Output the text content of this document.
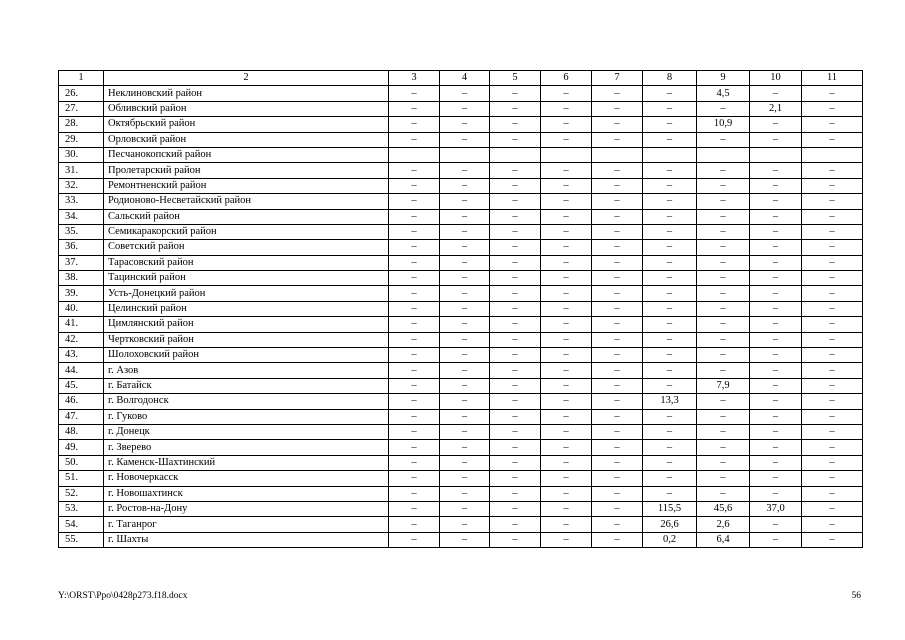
1	2	3	4	5	6	7	8	9	10	11
26.	Неклиновский район	–	–	–	–	–	–	4,5	–	–
27.	Обливский район	–	–	–	–	–	–	–	2,1	–
28.	Октябрьский район	–	–	–	–	–	–	10,9	–	–
29.	Орловский район	–	–	–	–	–	–	–	–	–
30.	Песчанокопский район									
31.	Пролетарский район	–	–	–	–	–	–	–	–	–
32.	Ремонтненский район	–	–	–	–	–	–	–	–	–
33.	Родионово-Несветайский район	–	–	–	–	–	–	–	–	–
34.	Сальский район	–	–	–	–	–	–	–	–	–
35.	Семикаракорский район	–	–	–	–	–	–	–	–	–
36.	Советский район	–	–	–	–	–	–	–	–	–
37.	Тарасовский район	–	–	–	–	–	–	–	–	–
38.	Тацинский район	–	–	–	–	–	–	–	–	–
39.	Усть-Донецкий район	–	–	–	–	–	–	–	–	–
40.	Целинский район	–	–	–	–	–	–	–	–	–
41.	Цимлянский район	–	–	–	–	–	–	–	–	–
42.	Чертковский район	–	–	–	–	–	–	–	–	–
43.	Шолоховский район	–	–	–	–	–	–	–	–	–
44.	г. Азов	–	–	–	–	–	–	–	–	–
45.	г. Батайск	–	–	–	–	–	–	7,9	–	–
46.	г. Волгодонск	–	–	–	–	–	13,3	–	–	–
47.	г. Гуково	–	–	–	–	–	–	–	–	–
48.	г. Донецк	–	–	–	–	–	–	–	–	–
49.	г. Зверево	–	–	–	–	–	–	–	–	–
50.	г. Каменск-Шахтинский	–	–	–	–	–	–	–	–	–
51.	г. Новочеркасск	–	–	–	–	–	–	–	–	–
52.	г. Новошахтинск	–	–	–	–	–	–	–	–	–
53.	г. Ростов-на-Дону	–	–	–	–	–	115,5	45,6	37,0	–
54.	г. Таганрог	–	–	–	–	–	26,6	2,6	–	–
55.	г. Шахты	–	–	–	–	–	0,2	6,4	–	–
Y:\ORST\Ppo\0428p273.f18.docx	56
